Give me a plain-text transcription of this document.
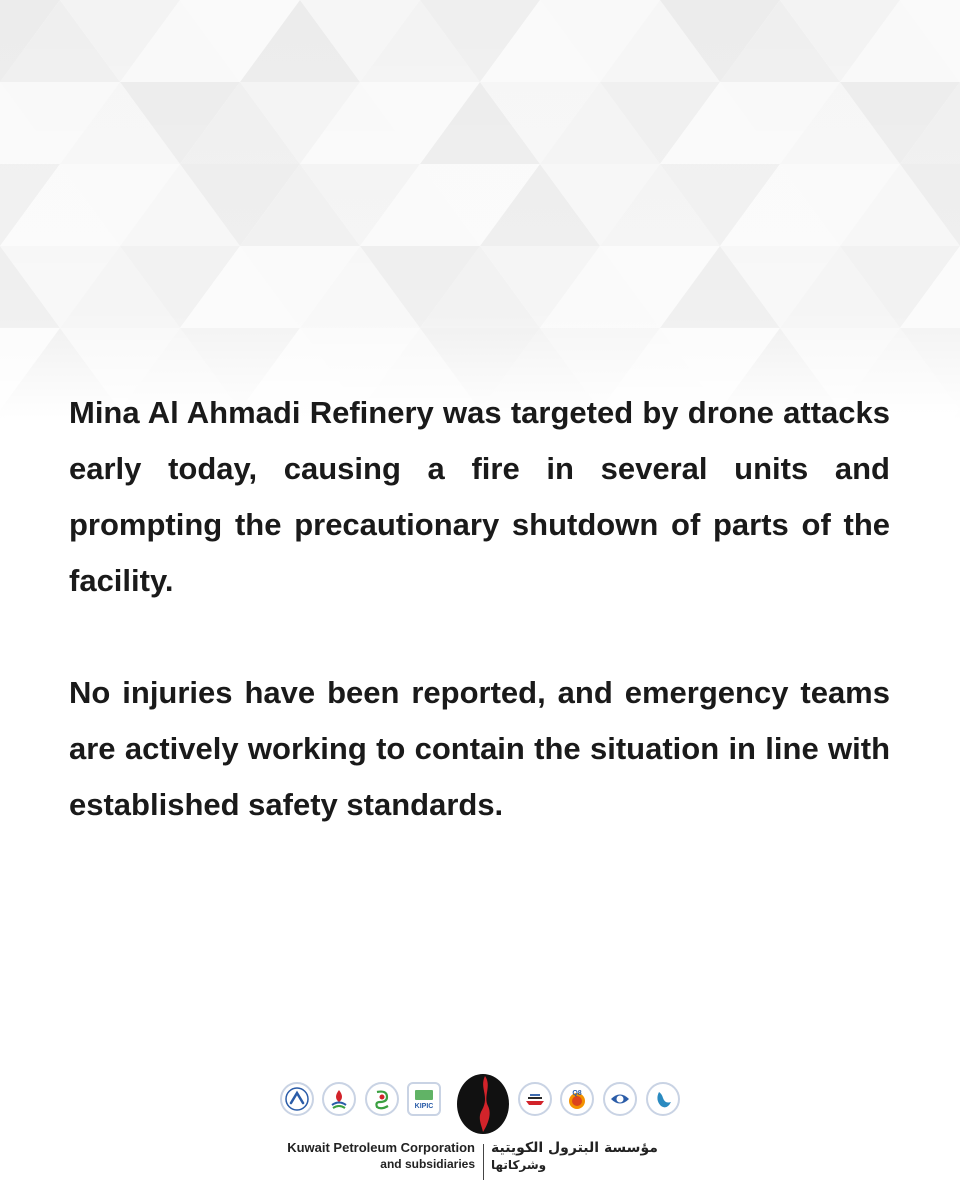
Mina Al Ahmadi Refinery was targeted by drone attacks early today, causing a fire in several units and prompting the precautionary shutdown of parts of the facility.

No injuries have been reported, and emergency teams are actively working to contain the situation in line with established safety standards.

KIPIC
Q8
Kuwait Petroleum Corporation
and subsidiaries
مؤسسة البترول الكويتية
وشركاتها
